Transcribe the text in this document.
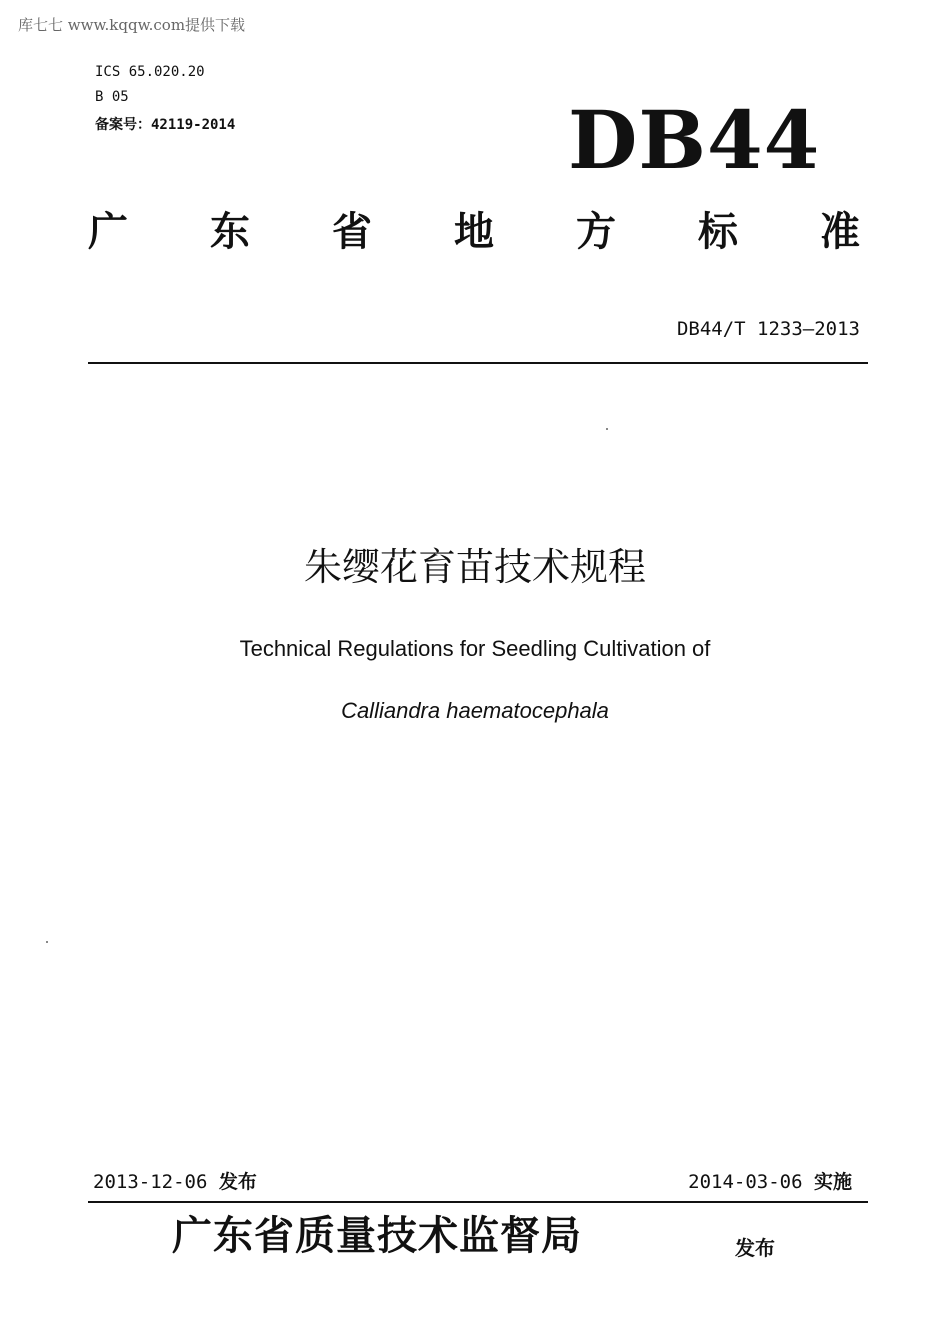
库七七 www.kqqw.com提供下载
ICS 65.020.20
B 05
备案号：42119-2014	DB44
广 东 省 地 方 标 准
DB44/T 1233—2013
朱缨花育苗技术规程
Technical Regulations for Seedling Cultivation of
Calliandra haematocephala
2013-12-06 发布	2014-03-06 实施
广东省质量技术监督局	发布
